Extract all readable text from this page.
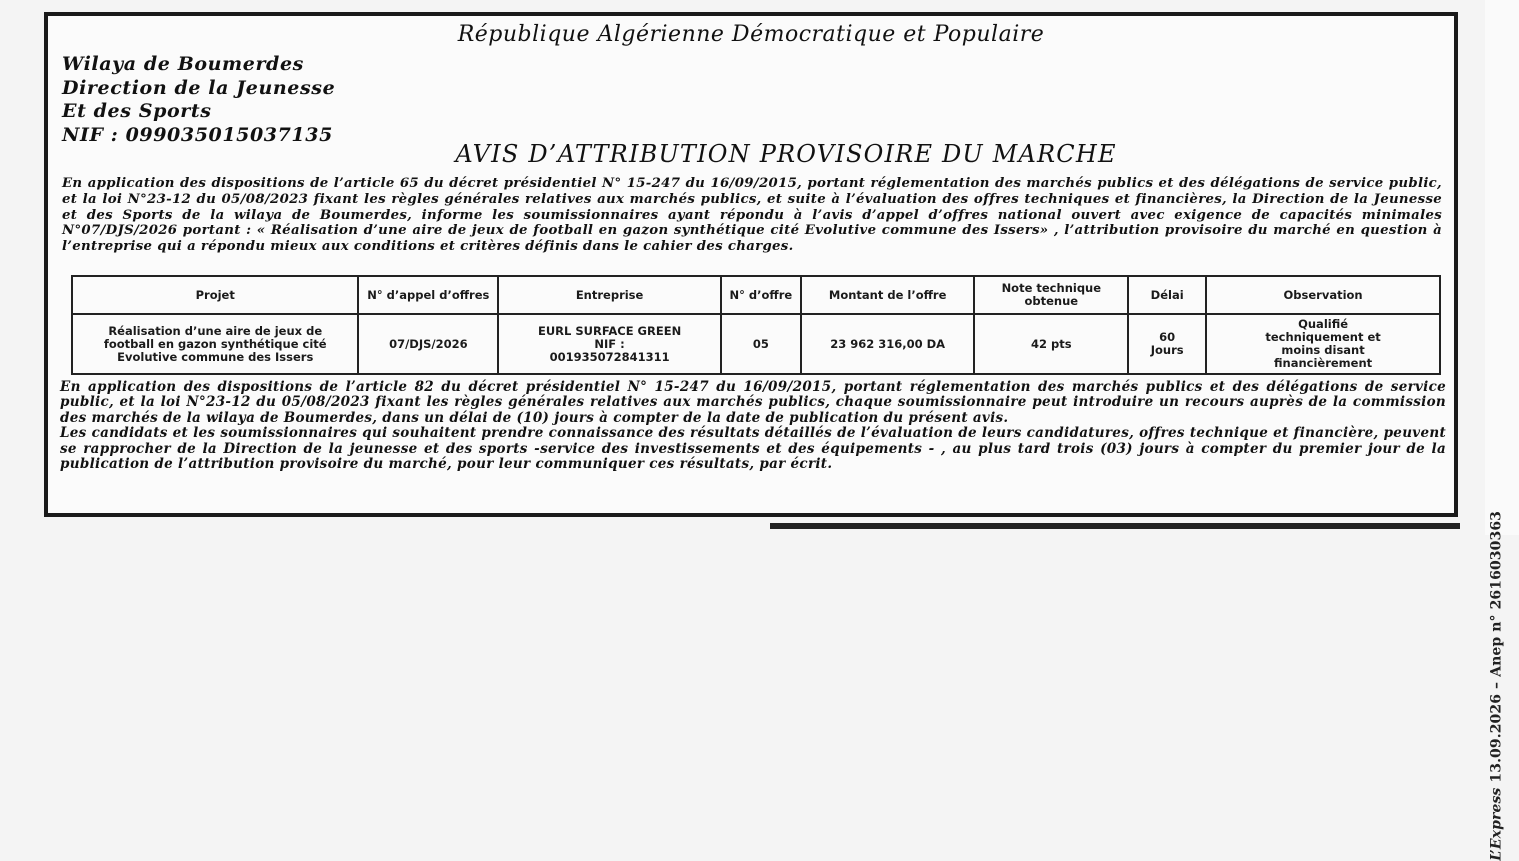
République Algérienne Démocratique et Populaire
Wilaya de Boumerdes
Direction de la Jeunesse
Et des Sports
NIF : 099035015037135
AVIS D’ATTRIBUTION PROVISOIRE DU MARCHE
En application des dispositions de l’article 65 du décret présidentiel N° 15-247 du 16/09/2015, portant réglementation des marchés publics et des délégations de service public, et la loi N°23-12 du 05/08/2023 fixant les règles générales relatives aux marchés publics, et suite à l’évaluation des offres techniques et financières, la Direction de la Jeunesse et des Sports de la wilaya de Boumerdes, informe les soumissionnaires ayant répondu à l’avis d’appel d’offres national ouvert avec exigence de capacités minimales N°07/DJS/2026 portant : « Réalisation d’une aire de jeux de football en gazon synthétique cité Evolutive commune des Issers» , l’attribution provisoire du marché en question à l’entreprise qui a répondu mieux aux conditions et critères définis dans le cahier des charges.
Projet	N° d’appel d’offres	Entreprise	N° d’offre	Montant de l’offre	Note technique obtenue	Délai	Observation
Réalisation d’une aire de jeux de football en gazon synthétique cité Evolutive commune des Issers	07/DJS/2026	EURL SURFACE GREEN
NIF :
001935072841311	05	23 962 316,00 DA	42 pts	60 Jours	Qualifié techniquement et moins disant financièrement

En application des dispositions de l’article 82 du décret présidentiel N° 15-247 du 16/09/2015, portant réglementation des marchés publics et des délégations de service public, et la loi N°23-12 du 05/08/2023 fixant les règles générales relatives aux marchés publics, chaque soumissionnaire peut introduire un recours auprès de la commission des marchés de la wilaya de Boumerdes, dans un délai de (10) jours à compter de la date de publication du présent avis.

Les candidats et les soumissionnaires qui souhaitent prendre connaissance des résultats détaillés de l’évaluation de leurs candidatures, offres technique et financière, peuvent se rapprocher de la Direction de la jeunesse et des sports -service des investissements et des équipements - , au plus tard trois (03) jours à compter du premier jour de la publication de l’attribution provisoire du marché, pour leur communiquer ces résultats, par écrit.

L’Express 13.09.2026 – Anep n° 2616030363
